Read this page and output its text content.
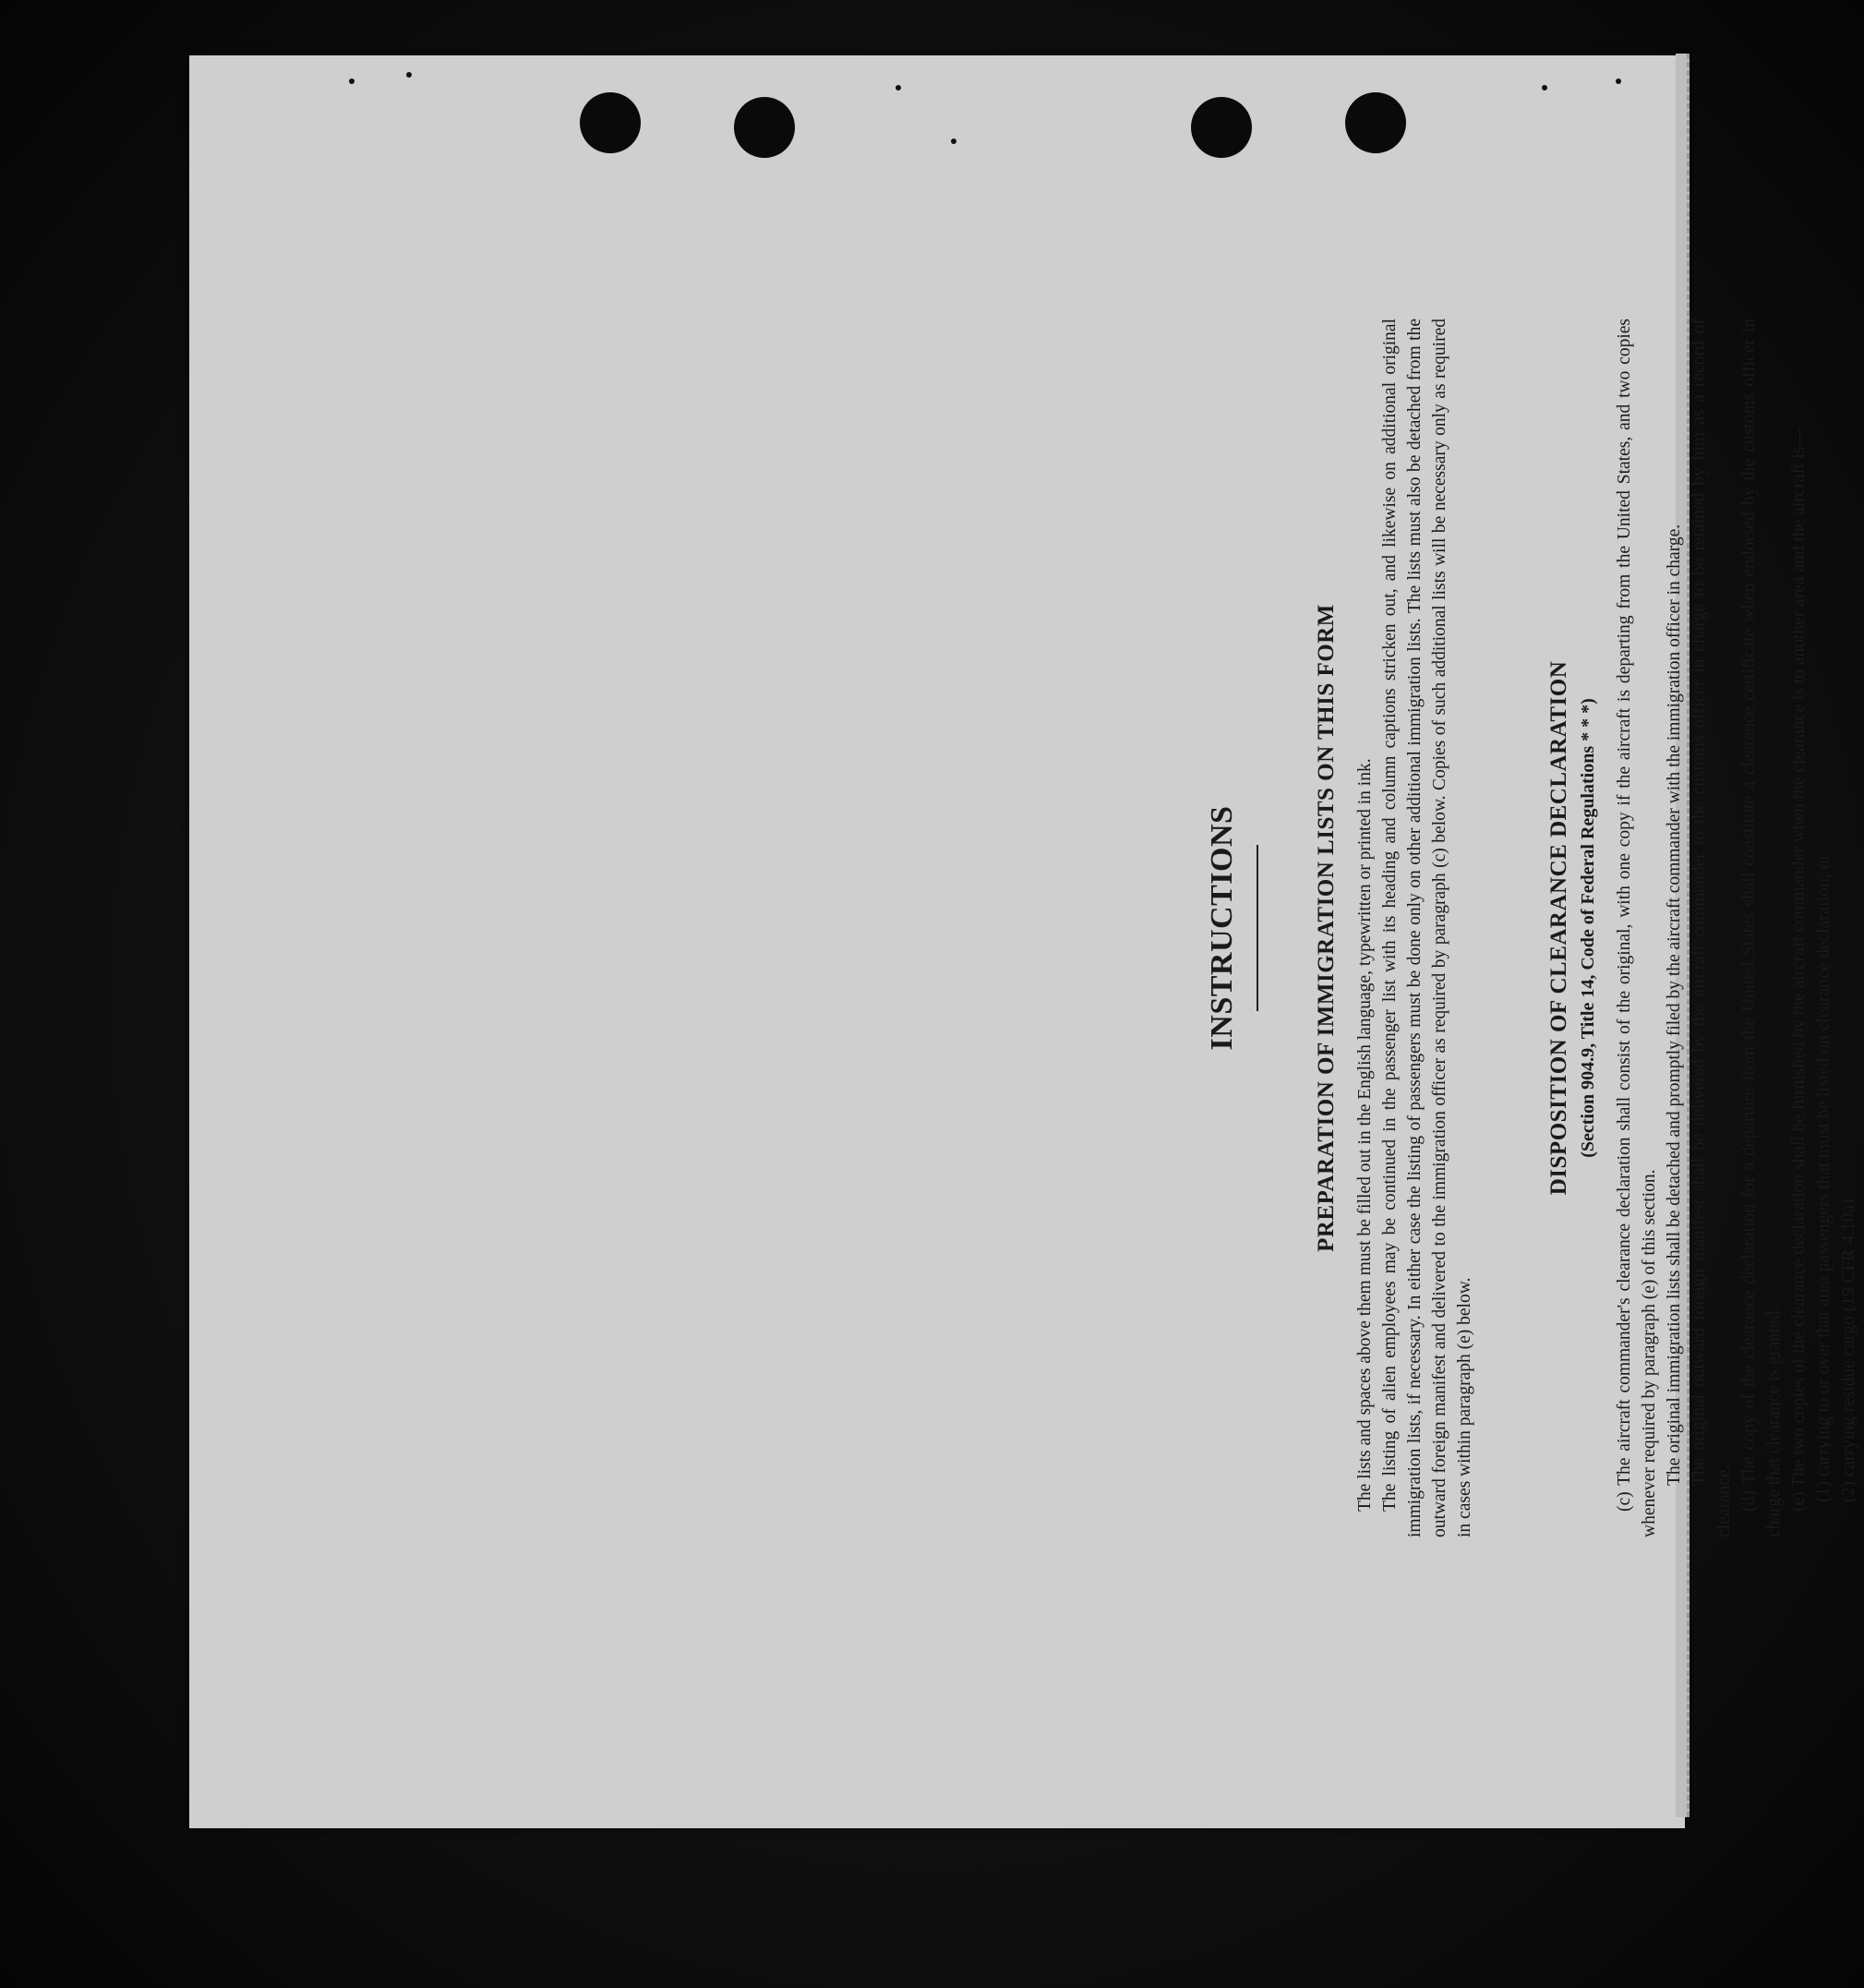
INSTRUCTIONS	PREPARATION OF IMMIGRATION LISTS ON THIS FORM The lists and spaces above them must be filled out in the English language, typewritten or printed in ink. The listing of alien employees may be continued in the passenger list with its heading and column captions stricken out, and likewise on additional original immigration lists, if necessary. In either case the listing of passengers must be done only on other additional immigration lists. The lists must also be detached from the outward foreign manifest and delivered to the immigration officer as required by paragraph (c) below. Copies of such additional lists will be necessary only as required in cases within paragraph (e) below.

DISPOSITION OF CLEARANCE DECLARATION (Section 904.9, Title 14, Code of Federal Regulations * * *) (c) The aircraft commander's clearance declaration shall consist of the original, with one copy if the aircraft is departing from the United States, and two copies whenever required by paragraph (e) of this section. The original immigration lists shall be detached and promptly filed by the aircraft commander with the immigration officer in charge. The original outward foreign manifest shall be delivered by the aircraft commander to the customs officer in charge to be retained by him as a record of clearance. (d) The copy of the clearance declaration for a departure from the United States shall constitute a clearance certificate when endorsed by the customs officer in charge that clearance is granted. (e) The two copies of the clearance declaration shall be furnished by the aircraft commander when the clearance is to another area and the aircraft is— (1) carrying to or over that area passengers that must be listed on clearance declaration; or (2) carrying residue cargo (19 CFR 4.10a)
